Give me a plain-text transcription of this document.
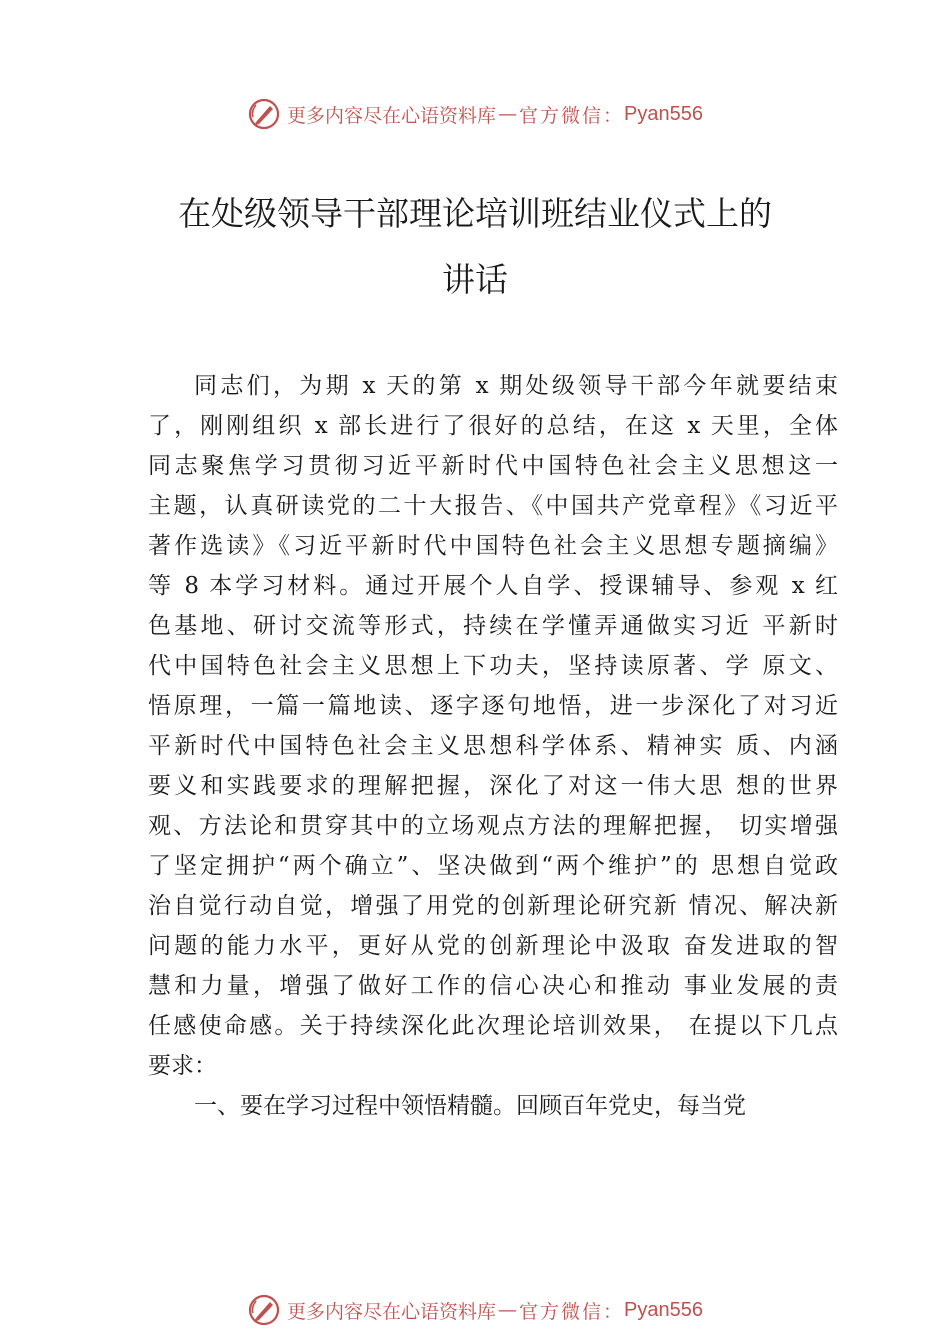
更多内容尽在心语资料库 — 官方微信： Pyan556
在处级领导干部理论培训班结业仪式上的
讲话
同志们，为期 x 天的第 x 期处级领导干部今年就要结束
了，刚刚组织 x 部长进行了很好的总结，在这 x 天里，全体
同志聚焦学习贯彻习近平新时代中国特色社会主义思想这一
主题，认真研读党的二十大报告、《中国共产党章程》《习近平
著作选读》《习近平新时代中国特色社会主义思想专题摘编》
等 8 本学习材料。通过开展个人自学、授课辅导、参观 x 红
色基地、研讨交流等形式，持续在学懂弄通做实习近 平新时
代中国特色社会主义思想上下功夫，坚持读原著、学 原文、
悟原理，一篇一篇地读、逐字逐句地悟，进一步深化了对习近
平新时代中国特色社会主义思想科学体系、精神实 质、内涵
要义和实践要求的理解把握，深化了对这一伟大思 想的世界
观、方法论和贯穿其中的立场观点方法的理解把握， 切实增强
了坚定拥护“两个确立”、坚决做到“两个维护”的 思想自觉政
治自觉行动自觉，增强了用党的创新理论研究新 情况、解决新
问题的能力水平，更好从党的创新理论中汲取 奋发进取的智
慧和力量，增强了做好工作的信心决心和推动 事业发展的责
任感使命感。关于持续深化此次理论培训效果， 在提以下几点
要求：
一、要在学习过程中领悟精髓。回顾百年党史，每当党
更多内容尽在心语资料库 — 官方微信： Pyan556
